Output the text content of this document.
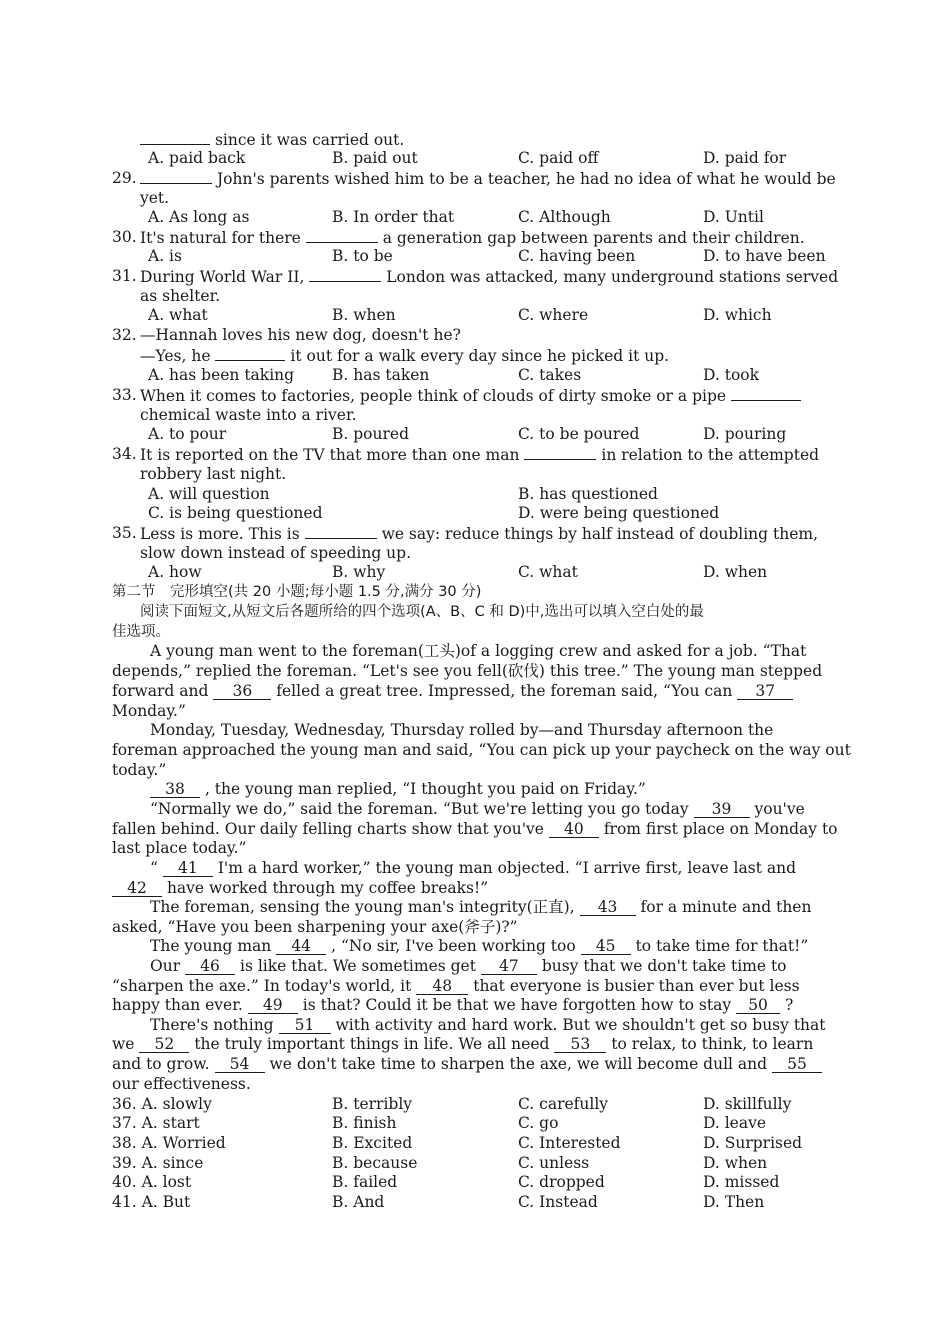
since it was carried out.
A. paid back	B. paid out	C. paid off	D. paid for
29.	John's parents wished him to be a teacher, he had no idea of what he would be
yet.
A. As long as	B. In order that	C. Although	D. Until
30. It's natural for there	a generation gap between parents and their children.
A. is	B. to be	C. having been	D. to have been
31. During World War II,	London was attacked, many underground stations served
as shelter.
A. what	B. when	C. where	D. which
32. —Hannah loves his new dog, doesn't he?
—Yes, he	it out for a walk every day since he picked it up.
A. has been taking B. has taken	C. takes	D. took
33. When it comes to factories, people think of clouds of dirty smoke or a pipe
chemical waste into a river.
A. to pour	B. poured	C. to be poured	D. pouring
34. It is reported on the TV that more than one man	in relation to the attempted
robbery last night.
A. will question	B. has questioned
C. is being questioned	D. were being questioned
35. Less is more. This is	we say: reduce things by half instead of doubling them,
slow down instead of speeding up.
A. how	B. why	C. what	D. when
第二节　完形填空(共 20 小题;每小题 1.5 分,满分 30 分)
阅读下面短文,从短文后各题所给的四个选项(A、B、C 和 D)中,选出可以填入空白处的最
佳选项。
A young man went to the foreman(工头)of a logging crew and asked for a job. “That
depends,” replied the foreman. “Let's see you fell(砍伐) this tree.” The young man stepped
forward and 36 felled a great tree. Impressed, the foreman said, “You can 37
Monday.”
Monday, Tuesday, Wednesday, Thursday rolled by—and Thursday afternoon the
foreman approached the young man and said, “You can pick up your paycheck on the way out
today.”
38 , the young man replied, “I thought you paid on Friday.”
“Normally we do,” said the foreman. “But we're letting you go today 39 you've
fallen behind. Our daily felling charts show that you've 40 from first place on Monday to
last place today.”
“ 41 I'm a hard worker,” the young man objected. “I arrive first, leave last and
42 have worked through my coffee breaks!”
The foreman, sensing the young man's integrity(正直), 43 for a minute and then
asked, “Have you been sharpening your axe(斧子)?”
The young man 44 , “No sir, I've been working too 45 to take time for that!”
Our 46 is like that. We sometimes get 47 busy that we don't take time to
“sharpen the axe.” In today's world, it 48 that everyone is busier than ever but less
happy than ever. 49 is that? Could it be that we have forgotten how to stay 50 ?
There's nothing 51 with activity and hard work. But we shouldn't get so busy that
we 52 the truly important things in life. We all need 53 to relax, to think, to learn
and to grow. 54 we don't take time to sharpen the axe, we will become dull and 55
our effectiveness.
36. A. slowly	B. terribly	C. carefully	D. skillfully
37. A. start	B. finish	C. go	D. leave
38. A. Worried	B. Excited	C. Interested	D. Surprised
39. A. since	B. because	C. unless	D. when
40. A. lost	B. failed	C. dropped	D. missed
41. A. But	B. And	C. Instead	D. Then
